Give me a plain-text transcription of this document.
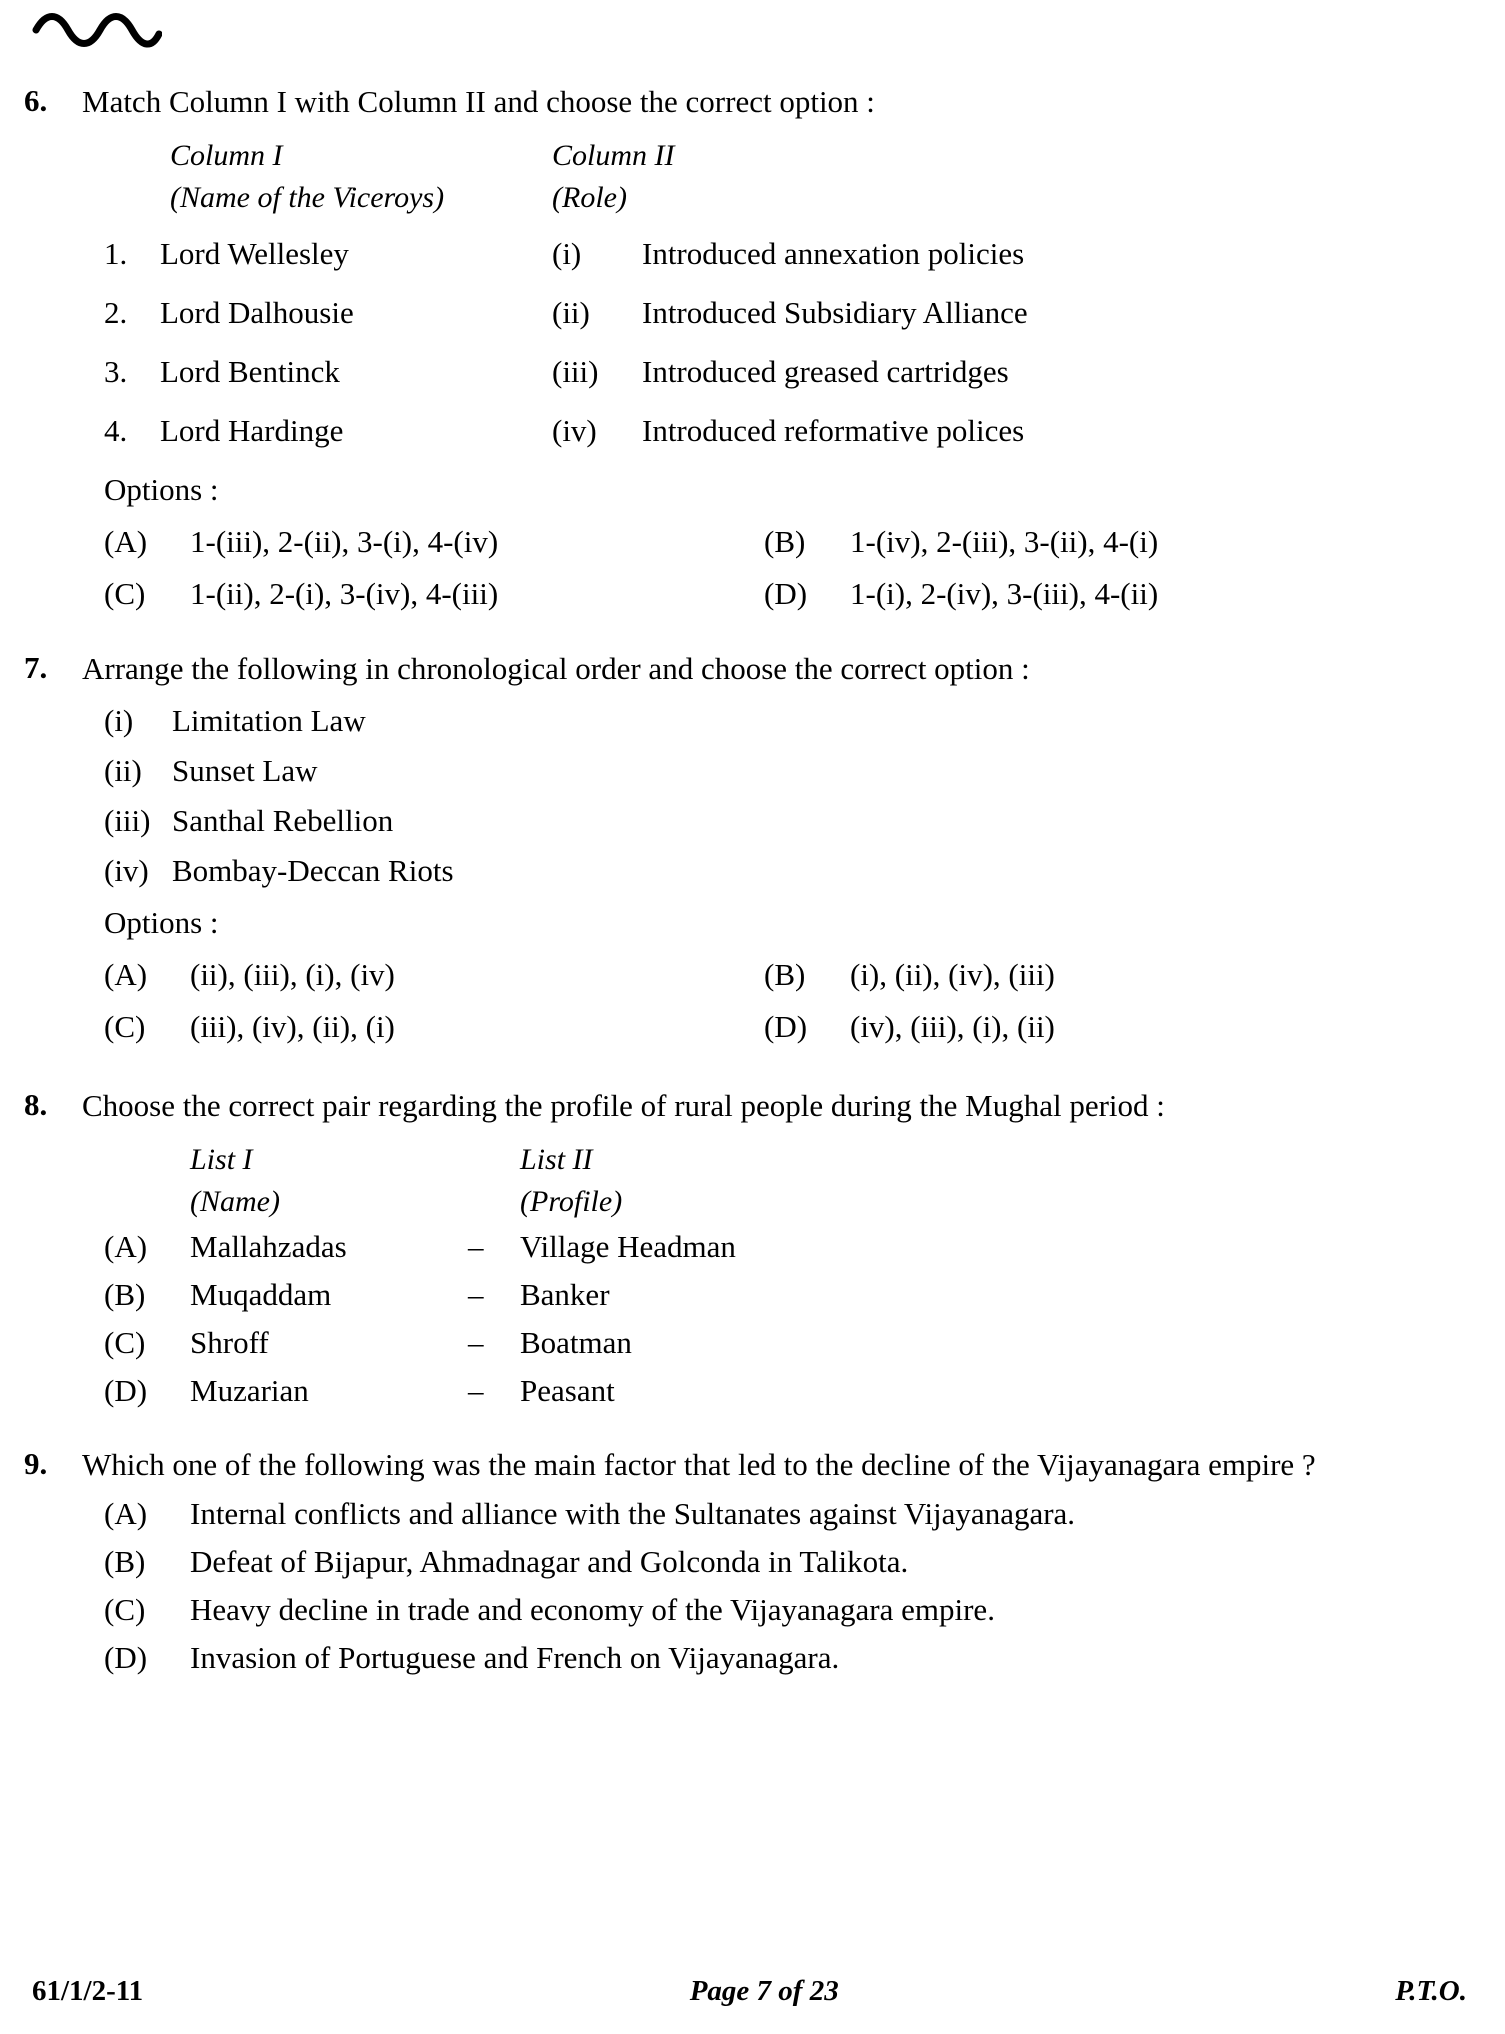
6.	Match Column I with Column II and choose the correct option :
Column I
(Name of the Viceroys)
Column II
(Role)
1.	Lord Wellesley	(i)	Introduced annexation policies
2.	Lord Dalhousie	(ii)	Introduced Subsidiary Alliance
3.	Lord Bentinck	(iii)	Introduced greased cartridges
4.	Lord Hardinge	(iv)	Introduced reformative polices
Options :
(A)	1-(iii), 2-(ii), 3-(i), 4-(iv)	(B)	1-(iv), 2-(iii), 3-(ii), 4-(i)
(C)	1-(ii), 2-(i), 3-(iv), 4-(iii)	(D)	1-(i), 2-(iv), 3-(iii), 4-(ii)
7.	Arrange the following in chronological order and choose the correct option :
(i)	Limitation Law
(ii) Sunset Law
(iii) Santhal Rebellion
(iv) Bombay-Deccan Riots
Options :
(A)	(ii), (iii), (i), (iv)	(B)	(i), (ii), (iv), (iii)
(C)	(iii), (iv), (ii), (i)	(D)	(iv), (iii), (i), (ii)
8.	Choose the correct pair regarding the profile of rural people during the Mughal period :
List I
(Name)
List II
(Profile)
(A)	Mallahzadas	–	Village Headman
(B)	Muqaddam	–	Banker
(C)	Shroff	–	Boatman
(D)	Muzarian	–	Peasant
9.	Which one of the following was the main factor that led to the decline of the Vijayanagara empire ?
(A)	Internal conflicts and alliance with the Sultanates against Vijayanagara.
(B)	Defeat of Bijapur, Ahmadnagar and Golconda in Talikota.
(C)	Heavy decline in trade and economy of the Vijayanagara empire.
(D)	Invasion of Portuguese and French on Vijayanagara.
61/1/2-11	Page 7 of 23	P.T.O.
